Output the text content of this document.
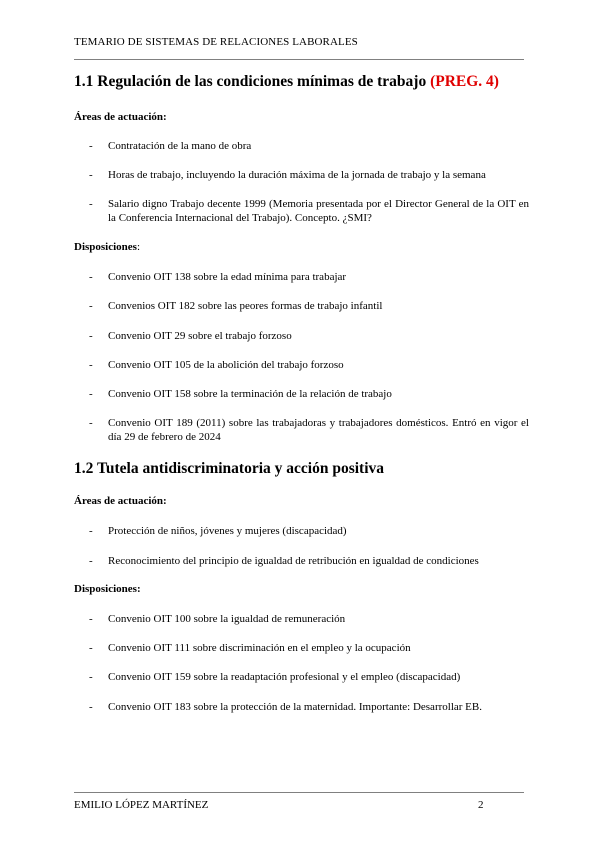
TEMARIO DE SISTEMAS DE RELACIONES LABORALES
1.1 Regulación de las condiciones mínimas de trabajo (PREG. 4)
Áreas de actuación:
- Contratación de la mano de obra
- Horas de trabajo, incluyendo la duración máxima de la jornada de trabajo y la semana
- Salario digno Trabajo decente 1999 (Memoria presentada por el Director General de la OIT en la Conferencia Internacional del Trabajo). Concepto. ¿SMI?
Disposiciones:
- Convenio OIT 138 sobre la edad mínima para trabajar
- Convenios OIT 182 sobre las peores formas de trabajo infantil
- Convenio OIT 29 sobre el trabajo forzoso
- Convenio OIT 105 de la abolición del trabajo forzoso
- Convenio OIT 158 sobre la terminación de la relación de trabajo
- Convenio OIT 189 (2011) sobre las trabajadoras y trabajadores domésticos. Entró en vigor el día 29 de febrero de 2024
1.2 Tutela antidiscriminatoria y acción positiva
Áreas de actuación:
- Protección de niños, jóvenes y mujeres (discapacidad)
- Reconocimiento del principio de igualdad de retribución en igualdad de condiciones
Disposiciones:
- Convenio OIT 100 sobre la igualdad de remuneración
- Convenio OIT 111 sobre discriminación en el empleo y la ocupación
- Convenio OIT 159 sobre la readaptación profesional y el empleo (discapacidad)
- Convenio OIT 183 sobre la protección de la maternidad. Importante: Desarrollar EB.
EMILIO LÓPEZ MARTÍNEZ	2
